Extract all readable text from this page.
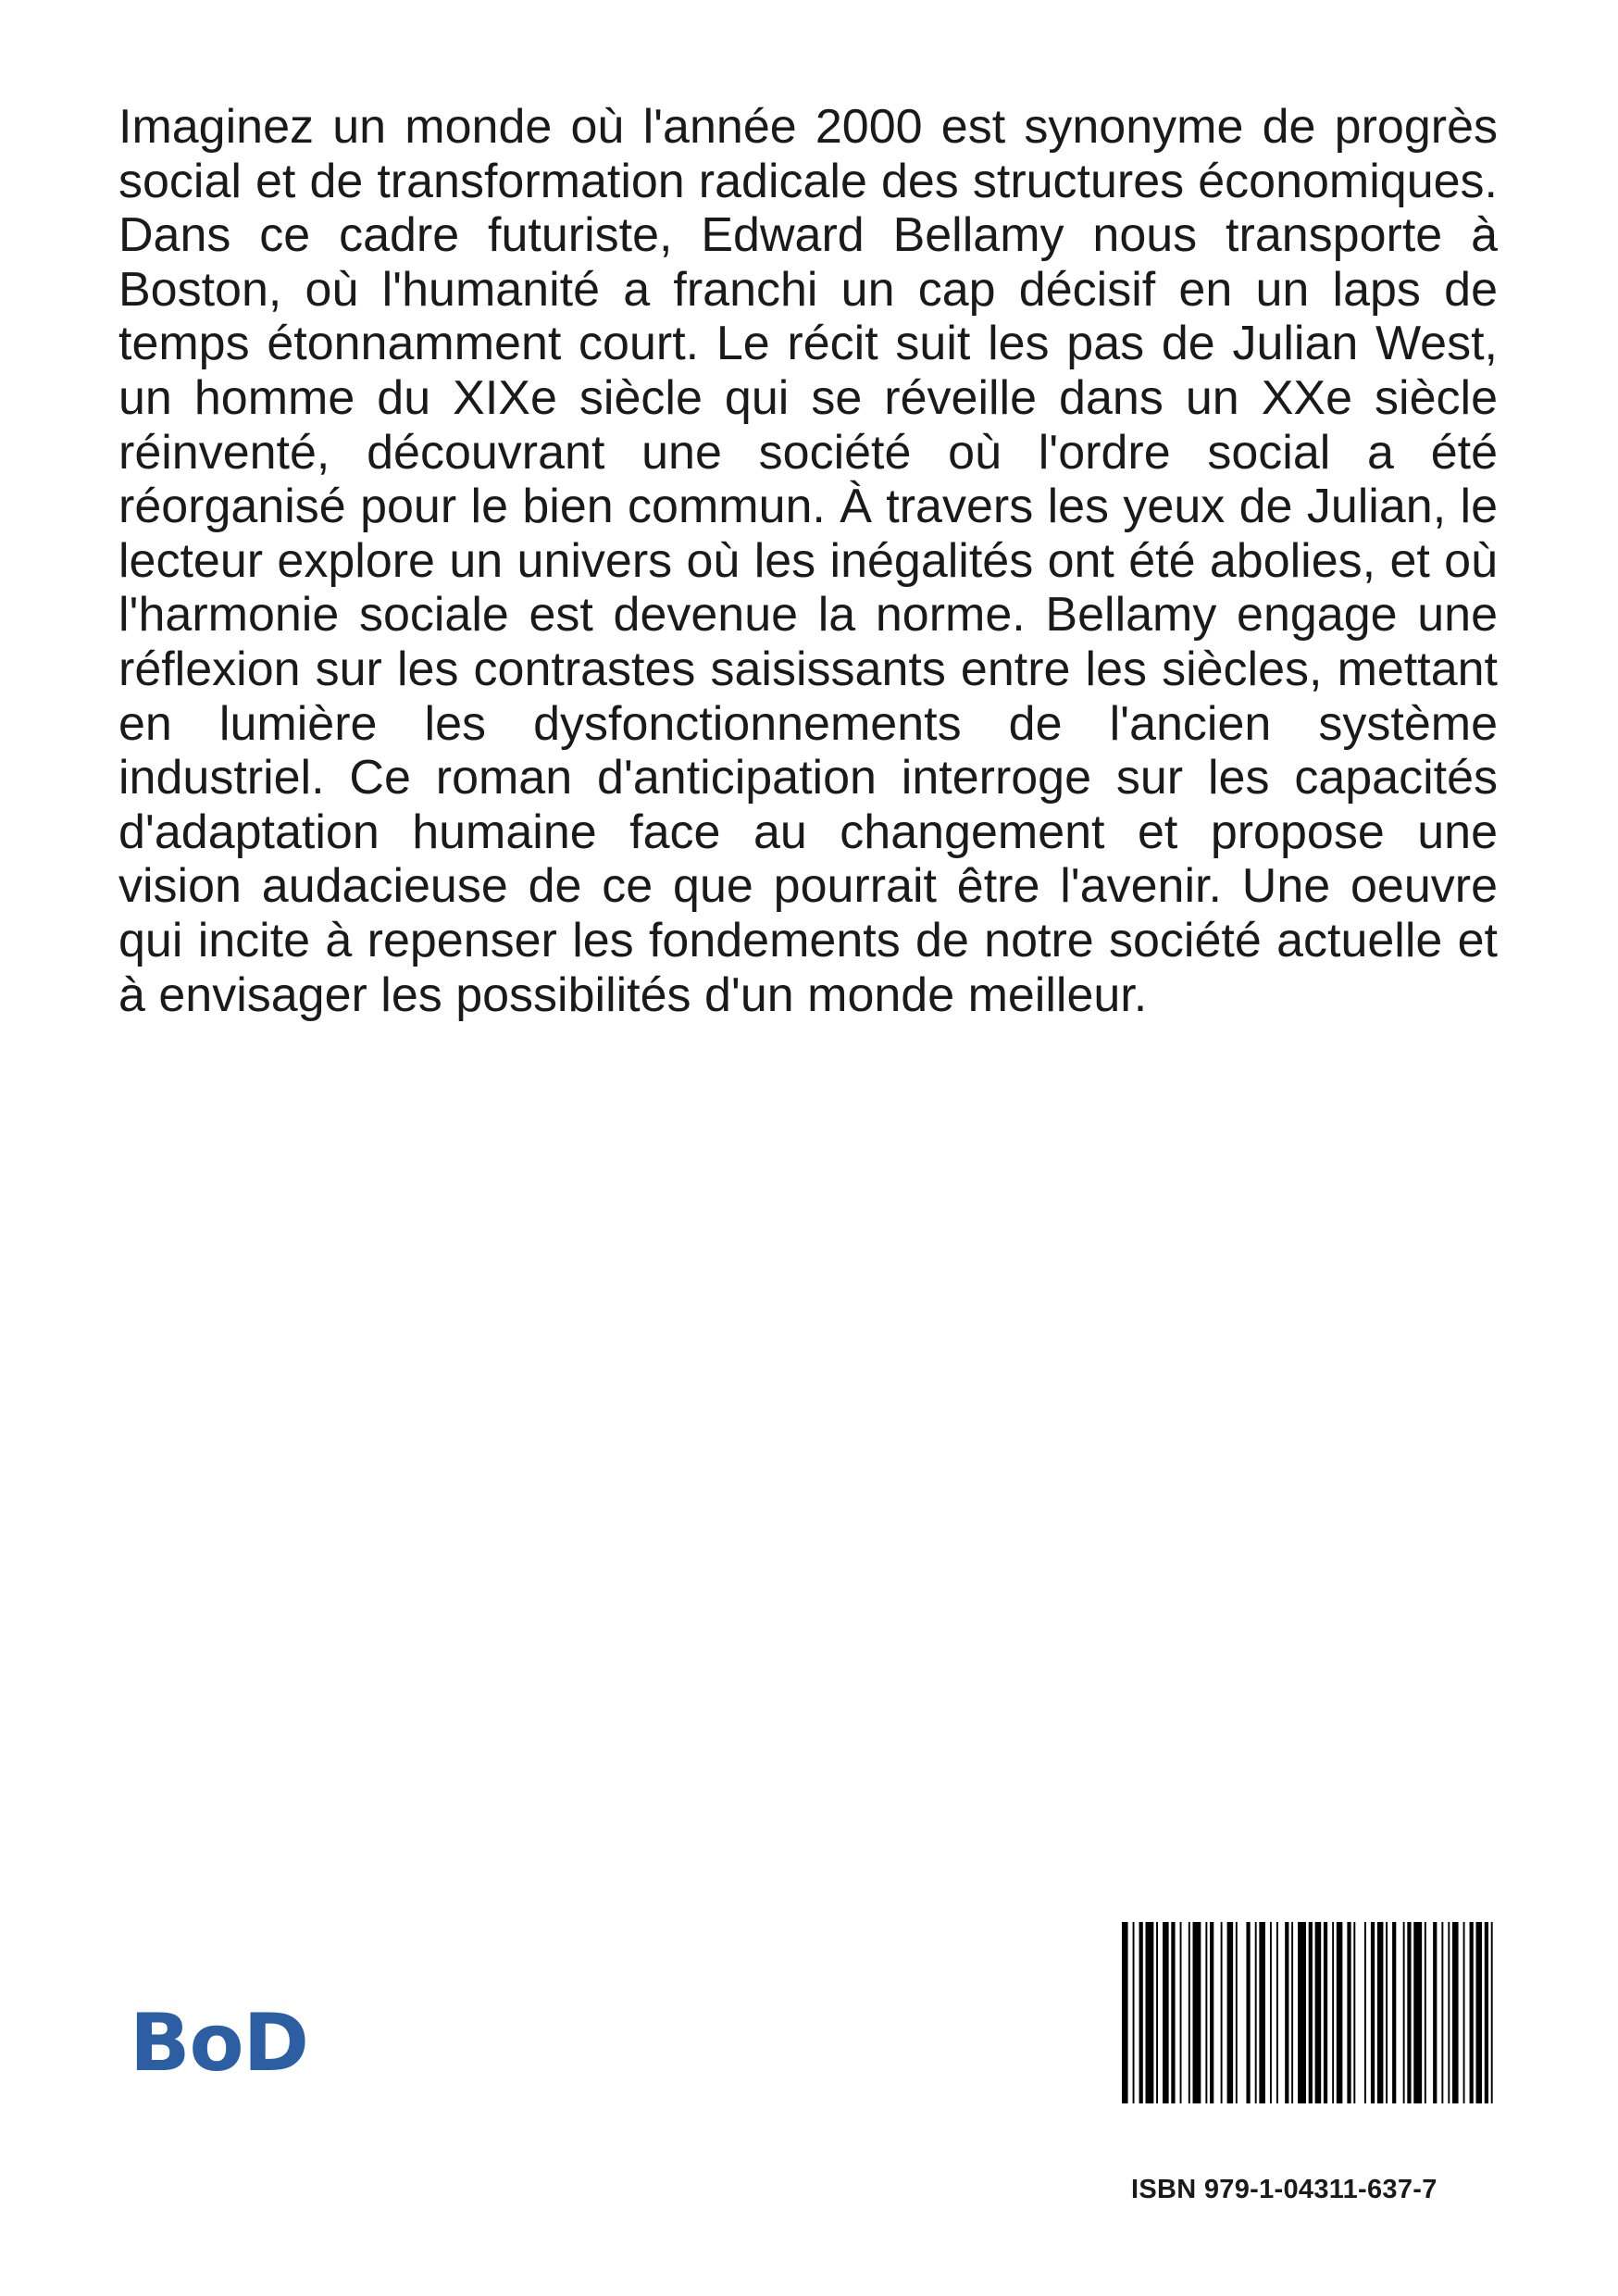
Imaginez un monde où l'année 2000 est synonyme de progrès social et de transformation radicale des structures économiques. Dans ce cadre futuriste, Edward Bellamy nous transporte à Boston, où l'humanité a franchi un cap décisif en un laps de temps étonnamment court. Le récit suit les pas de Julian West, un homme du XIXe siècle qui se réveille dans un XXe siècle réinventé, découvrant une société où l'ordre social a été réorganisé pour le bien commun. À travers les yeux de Julian, le lecteur explore un univers où les inégalités ont été abolies, et où l'harmonie sociale est devenue la norme. Bellamy engage une réflexion sur les contrastes saisissants entre les siècles, mettant en lumière les dysfonctionnements de l'ancien système industriel. Ce roman d'anticipation interroge sur les capacités d'adaptation humaine face au changement et propose une vision audacieuse de ce que pourrait être l'avenir. Une oeuvre qui incite à repenser les fondements de notre société actuelle et à envisager les possibilités d'un monde meilleur.

BoD
ISBN 979-1-04311-637-7
